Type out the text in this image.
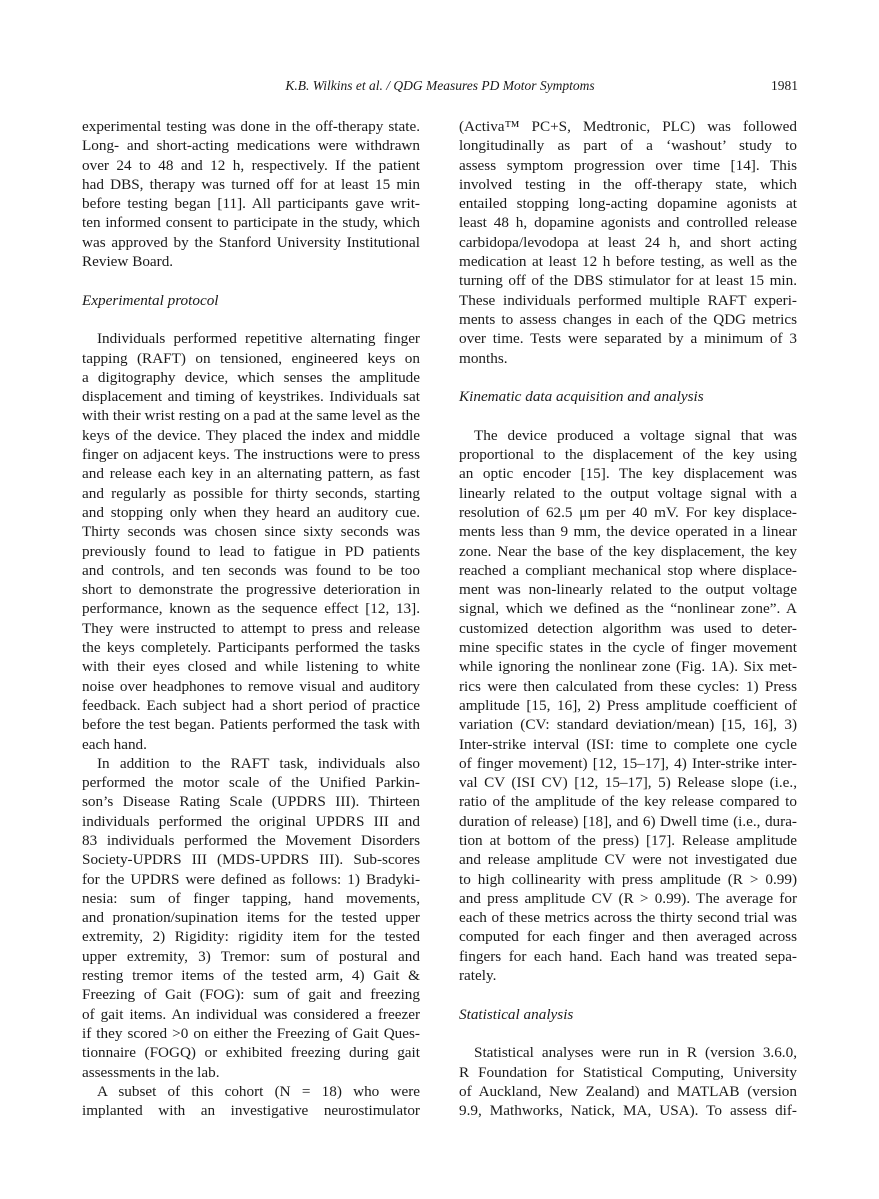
K.B. Wilkins et al. / QDG Measures PD Motor Symptoms	1981
experimental testing was done in the off-therapy state.
Long- and short-acting medications were withdrawn
over 24 to 48 and 12 h, respectively. If the patient
had DBS, therapy was turned off for at least 15 min
before testing began [11]. All participants gave writ-
ten informed consent to participate in the study, which
was approved by the Stanford University Institutional
Review Board.
Experimental protocol
Individuals performed repetitive alternating finger
tapping (RAFT) on tensioned, engineered keys on
a digitography device, which senses the amplitude
displacement and timing of keystrikes. Individuals sat
with their wrist resting on a pad at the same level as the
keys of the device. They placed the index and middle
finger on adjacent keys. The instructions were to press
and release each key in an alternating pattern, as fast
and regularly as possible for thirty seconds, starting
and stopping only when they heard an auditory cue.
Thirty seconds was chosen since sixty seconds was
previously found to lead to fatigue in PD patients
and controls, and ten seconds was found to be too
short to demonstrate the progressive deterioration in
performance, known as the sequence effect [12, 13].
They were instructed to attempt to press and release
the keys completely. Participants performed the tasks
with their eyes closed and while listening to white
noise over headphones to remove visual and auditory
feedback. Each subject had a short period of practice
before the test began. Patients performed the task with
each hand.
In addition to the RAFT task, individuals also
performed the motor scale of the Unified Parkin-
son’s Disease Rating Scale (UPDRS III). Thirteen
individuals performed the original UPDRS III and
83 individuals performed the Movement Disorders
Society-UPDRS III (MDS-UPDRS III). Sub-scores
for the UPDRS were defined as follows: 1) Bradyki-
nesia: sum of finger tapping, hand movements,
and pronation/supination items for the tested upper
extremity, 2) Rigidity: rigidity item for the tested
upper extremity, 3) Tremor: sum of postural and
resting tremor items of the tested arm, 4) Gait &
Freezing of Gait (FOG): sum of gait and freezing
of gait items. An individual was considered a freezer
if they scored >0 on either the Freezing of Gait Ques-
tionnaire (FOGQ) or exhibited freezing during gait
assessments in the lab.
A subset of this cohort (N = 18) who were
implanted with an investigative neurostimulator
(Activa™ PC+S, Medtronic, PLC) was followed
longitudinally as part of a ‘washout’ study to
assess symptom progression over time [14]. This
involved testing in the off-therapy state, which
entailed stopping long-acting dopamine agonists at
least 48 h, dopamine agonists and controlled release
carbidopa/levodopa at least 24 h, and short acting
medication at least 12 h before testing, as well as the
turning off of the DBS stimulator for at least 15 min.
These individuals performed multiple RAFT experi-
ments to assess changes in each of the QDG metrics
over time. Tests were separated by a minimum of 3
months.
Kinematic data acquisition and analysis
The device produced a voltage signal that was
proportional to the displacement of the key using
an optic encoder [15]. The key displacement was
linearly related to the output voltage signal with a
resolution of 62.5 μm per 40 mV. For key displace-
ments less than 9 mm, the device operated in a linear
zone. Near the base of the key displacement, the key
reached a compliant mechanical stop where displace-
ment was non-linearly related to the output voltage
signal, which we defined as the “nonlinear zone”. A
customized detection algorithm was used to deter-
mine specific states in the cycle of finger movement
while ignoring the nonlinear zone (Fig. 1A). Six met-
rics were then calculated from these cycles: 1) Press
amplitude [15, 16], 2) Press amplitude coefficient of
variation (CV: standard deviation/mean) [15, 16], 3)
Inter-strike interval (ISI: time to complete one cycle
of finger movement) [12, 15–17], 4) Inter-strike inter-
val CV (ISI CV) [12, 15–17], 5) Release slope (i.e.,
ratio of the amplitude of the key release compared to
duration of release) [18], and 6) Dwell time (i.e., dura-
tion at bottom of the press) [17]. Release amplitude
and release amplitude CV were not investigated due
to high collinearity with press amplitude (R > 0.99)
and press amplitude CV (R > 0.99). The average for
each of these metrics across the thirty second trial was
computed for each finger and then averaged across
fingers for each hand. Each hand was treated sepa-
rately.
Statistical analysis
Statistical analyses were run in R (version 3.6.0,
R Foundation for Statistical Computing, University
of Auckland, New Zealand) and MATLAB (version
9.9, Mathworks, Natick, MA, USA). To assess dif-
